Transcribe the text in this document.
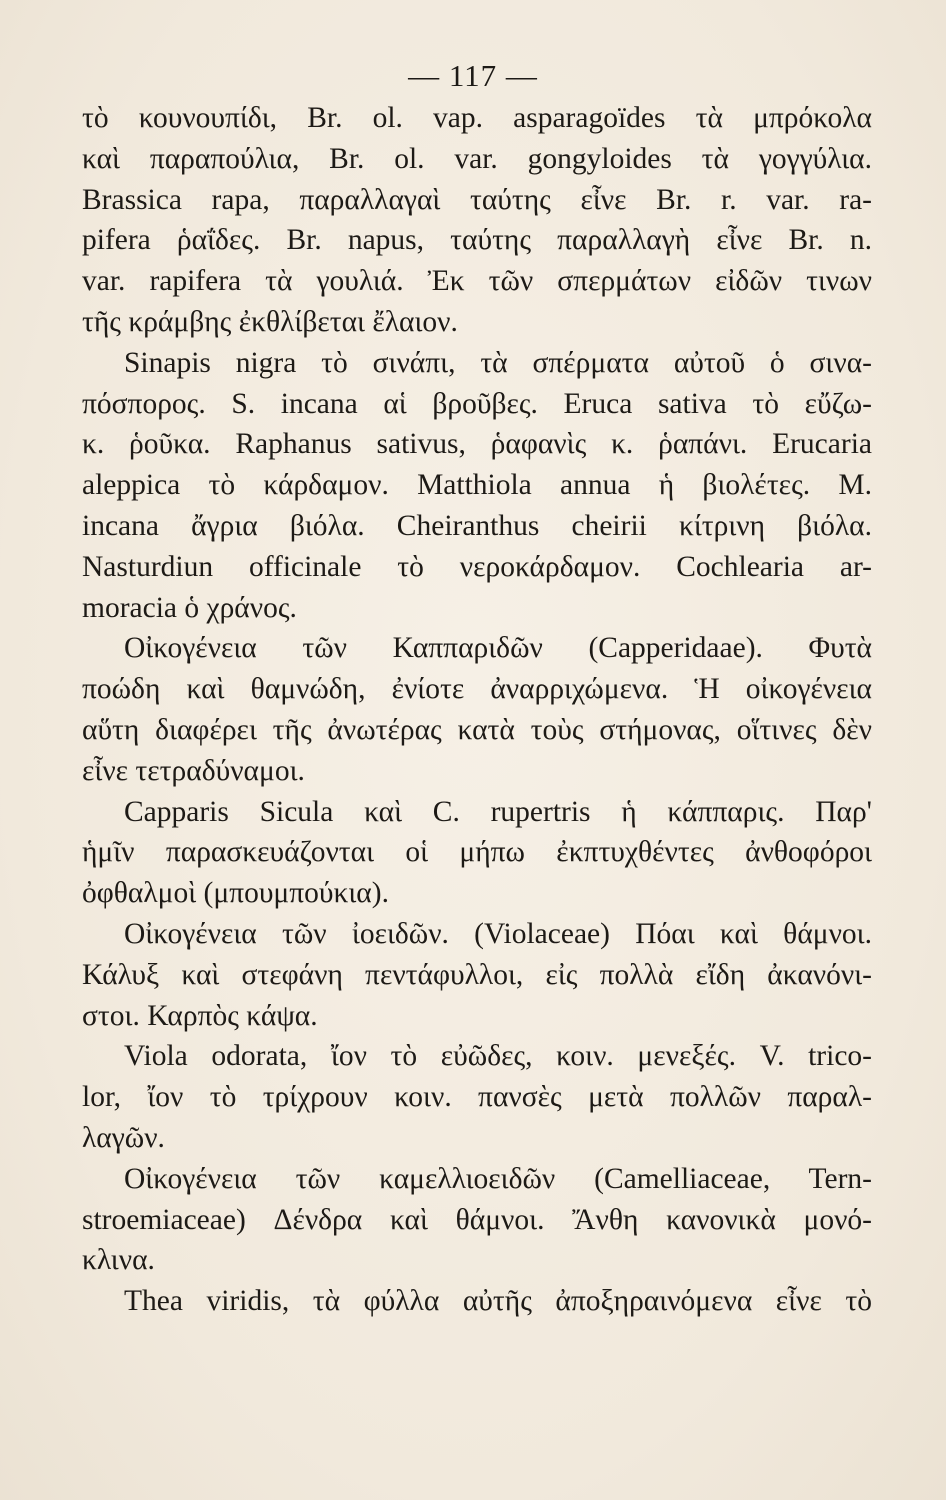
— 117 —
τὸ κουνουπίδι, Br. ol. vap. asparagoïdes τὰ μπρόκολα
καὶ παραπούλια, Br. ol. var. gongyloides τὰ γογγύλια.
Brassica rapa, παραλλαγαὶ ταύτης εἶνε Br. r. var. ra-
pifera ῥαΐδες. Br. napus, ταύτης παραλλαγὴ εἶνε Br. n.
var. rapifera τὰ γουλιά. Ἐκ τῶν σπερμάτων εἰδῶν τινων
τῆς κράμβης ἐκθλίβεται ἔλαιον.
Sinapis nigra τὸ σινάπι, τὰ σπέρματα αὐτοῦ ὁ σινα-
πόσπορος. S. incana αἱ βροῦβες. Eruca sativa τὸ εὔζω-
κ. ῥοῦκα. Raphanus sativus, ῥαφανὶς κ. ῥαπάνι. Erucaria
aleppica τὸ κάρδαμον. Matthiola annua ἡ βιολέτες. M.
incana ἄγρια βιόλα. Cheiranthus cheirii κίτρινη βιόλα.
Nasturdiun officinale τὸ νεροκάρδαμον. Cochlearia ar-
moracia ὁ χράνος.
Οἰκογένεια τῶν Καππαριδῶν (Capperidaae). Φυτὰ
ποώδη καὶ θαμνώδη, ἐνίοτε ἀναρριχώμενα. Ἡ οἰκογένεια
αὕτη διαφέρει τῆς ἀνωτέρας κατὰ τοὺς στήμονας, οἵτινες δὲν
εἶνε τετραδύναμοι.
Capparis Sicula καὶ C. rupertris ἡ κάππαρις. Παρ'
ἡμῖν παρασκευάζονται οἱ μήπω ἐκπτυχθέντες ἀνθοφόροι
ὀφθαλμοὶ (μπουμπούκια).
Οἰκογένεια τῶν ἰοειδῶν. (Violaceae) Πόαι καὶ θάμνοι.
Κάλυξ καὶ στεφάνη πεντάφυλλοι, εἰς πολλὰ εἴδη ἀκανόνι-
στοι. Καρπὸς κάψα.
Viola odorata, ἴον τὸ εὐῶδες, κοιν. μενεξές. V. trico-
lor, ἴον τὸ τρίχρουν κοιν. πανσὲς μετὰ πολλῶν παραλ-
λαγῶν.
Οἰκογένεια τῶν καμελλιοειδῶν (Camelliaceae, Tern-
stroemiaceae) Δένδρα καὶ θάμνοι. Ἄνθη κανονικὰ μονό-
κλινα.
Thea viridis, τὰ φύλλα αὐτῆς ἀποξηραινόμενα εἶνε τὸ
